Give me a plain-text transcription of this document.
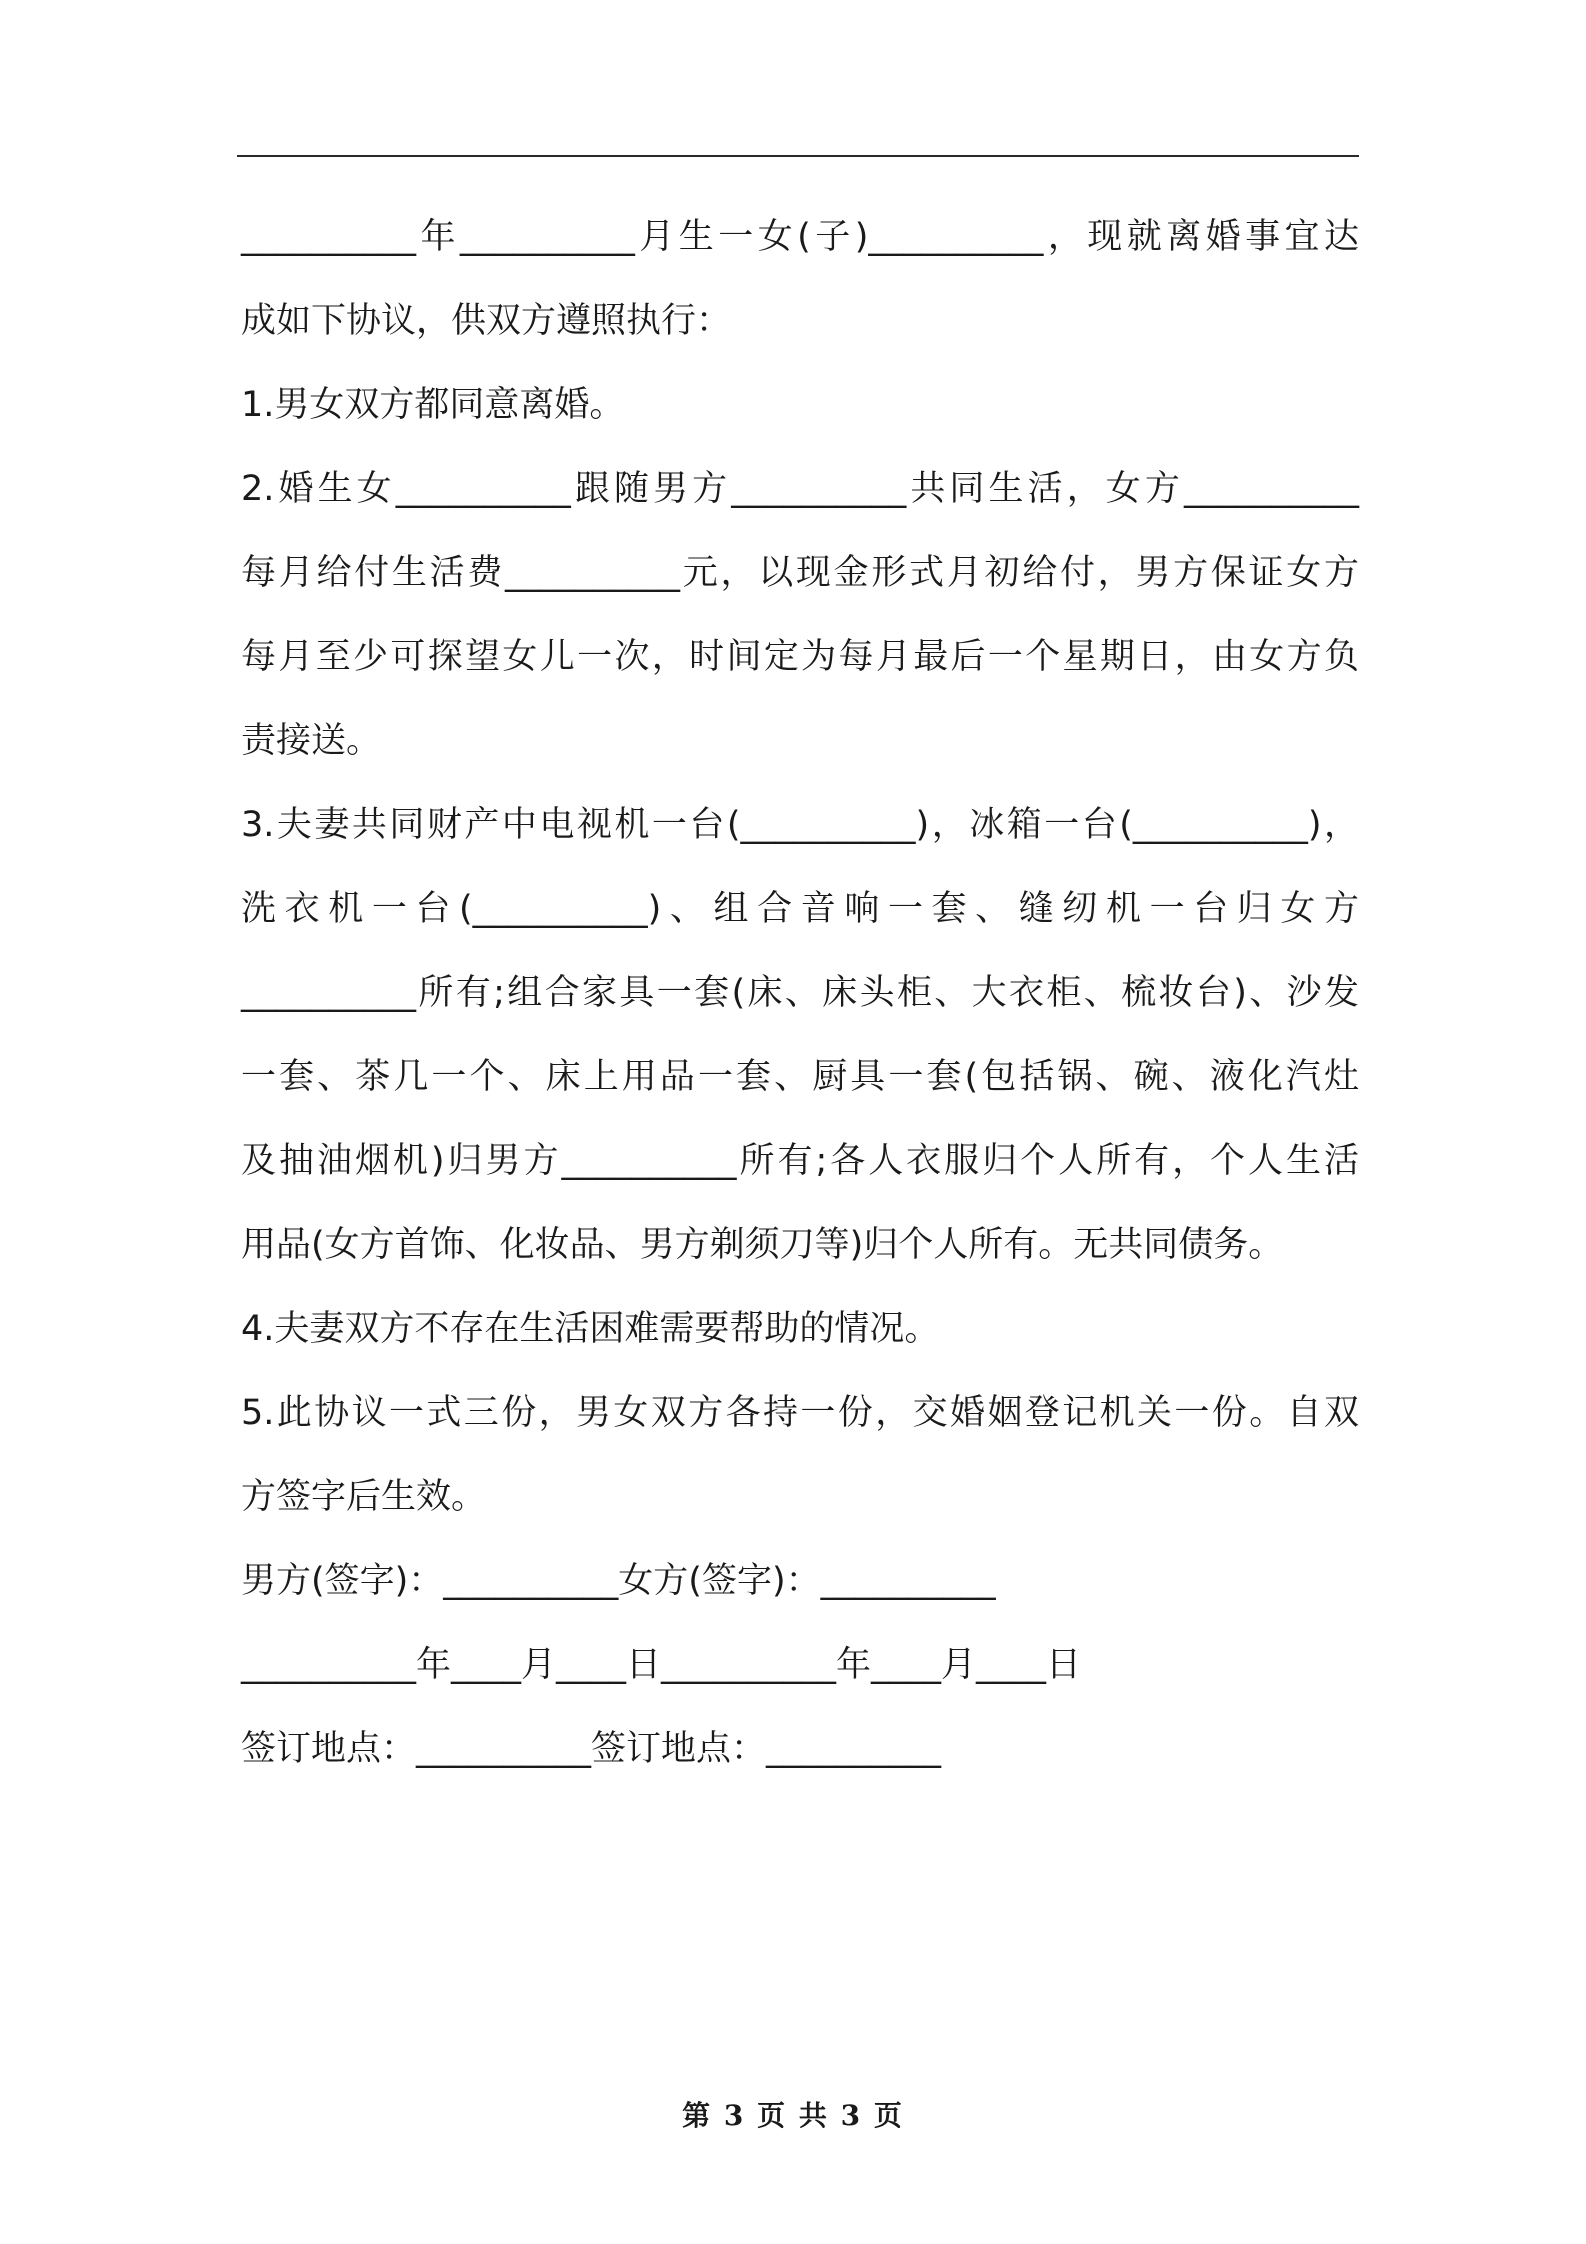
__________年__________月生一女(子)__________，现就离婚事宜达
成如下协议，供双方遵照执行：
1.男女双方都同意离婚。
2.婚生女__________跟随男方__________共同生活，女方__________
每月给付生活费__________元，以现金形式月初给付，男方保证女方
每月至少可探望女儿一次，时间定为每月最后一个星期日，由女方负
责接送。
3.夫妻共同财产中电视机一台(__________)，冰箱一台(__________)，
洗衣机一台(__________)、组合音响一套、缝纫机一台归女方
__________所有;组合家具一套(床、床头柜、大衣柜、梳妆台)、沙发
一套、茶几一个、床上用品一套、厨具一套(包括锅、碗、液化汽灶
及抽油烟机)归男方__________所有;各人衣服归个人所有，个人生活
用品(女方首饰、化妆品、男方剃须刀等)归个人所有。无共同债务。
4.夫妻双方不存在生活困难需要帮助的情况。
5.此协议一式三份，男女双方各持一份，交婚姻登记机关一份。自双
方签字后生效。
男方(签字)：__________女方(签字)：__________
__________年____月____日__________年____月____日
签订地点：__________签订地点：__________
第 3 页 共 3 页
